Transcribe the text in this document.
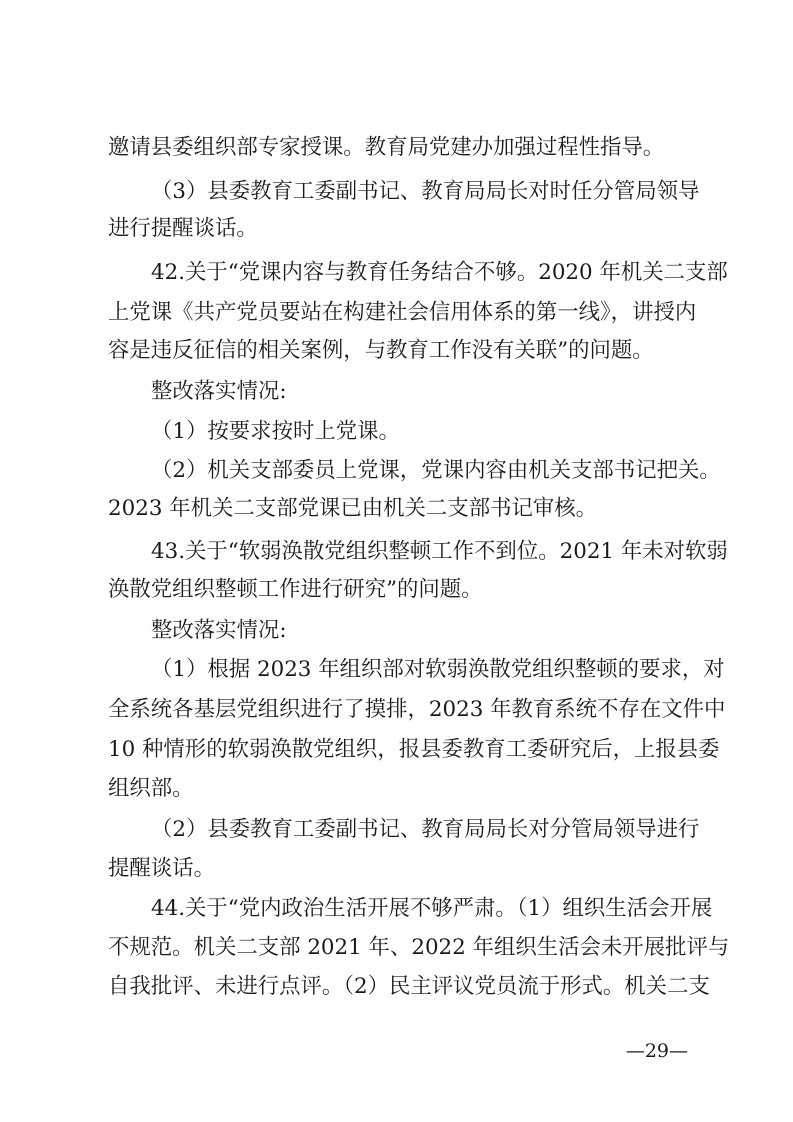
邀请县委组织部专家授课。教育局党建办加强过程性指导。
（3）县委教育工委副书记、教育局局长对时任分管局领导
进行提醒谈话。
42.关于“党课内容与教育任务结合不够。2020 年机关二支部
上党课《共产党员要站在构建社会信用体系的第一线》，讲授内
容是违反征信的相关案例，与教育工作没有关联”的问题。
整改落实情况:
（1）按要求按时上党课。
（2）机关支部委员上党课，党课内容由机关支部书记把关。
2023 年机关二支部党课已由机关二支部书记审核。
43.关于“软弱涣散党组织整顿工作不到位。2021 年未对软弱
涣散党组织整顿工作进行研究”的问题。
整改落实情况:
（1）根据 2023 年组织部对软弱涣散党组织整顿的要求，对
全系统各基层党组织进行了摸排，2023 年教育系统不存在文件中
10 种情形的软弱涣散党组织，报县委教育工委研究后，上报县委
组织部。
（2）县委教育工委副书记、教育局局长对分管局领导进行
提醒谈话。
44.关于“党内政治生活开展不够严肃。（1）组织生活会开展
不规范。机关二支部 2021 年、2022 年组织生活会未开展批评与
自我批评、未进行点评。（2）民主评议党员流于形式。机关二支
—29—
